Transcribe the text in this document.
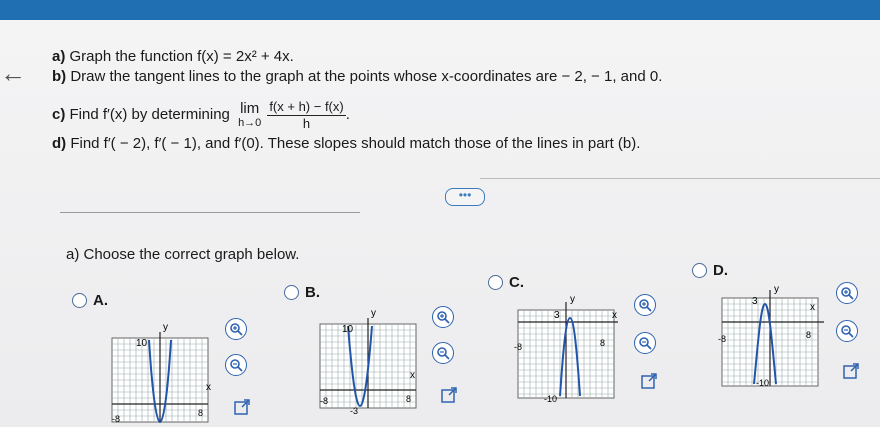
←
a) Graph the function f(x) = 2x² + 4x.
b) Draw the tangent lines to the graph at the points whose x-coordinates are − 2, − 1, and 0.
c) Find f′(x) by determining lim
$h\to 0 \frac{f(x + h) - f(x)}{h}$ .
d) Find f′( − 2), f′( − 1), and f′(0). These slopes should match those of the lines in part (b).
•••
a) Choose the correct graph below.
A.
y
x
10
-8
8
B.
y
x
10
-8	8
-3
C.
y
x
3
-8	8
-10
D.
y
x
3
-8	8
-10
